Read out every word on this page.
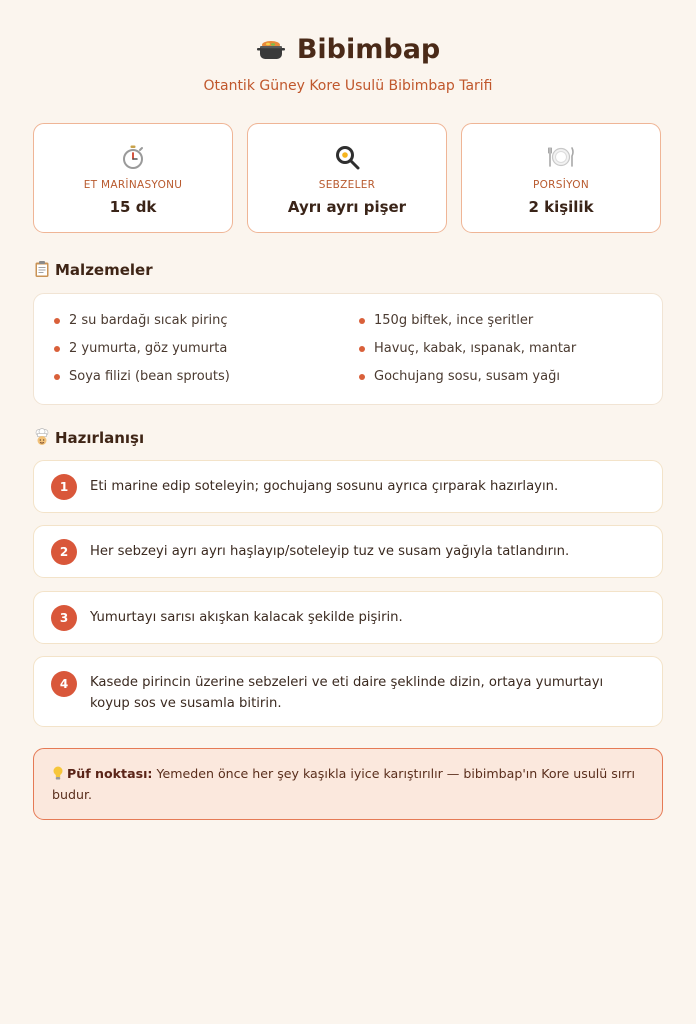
Bibimbap
Otantik Güney Kore Usulü Bibimbap Tarifi
ET MARİNASYONU
15 dk
SEBZELER
Ayrı ayrı pişer
PORSİYON
2 kişilik
Malzemeler
2 su bardağı sıcak pirinç
2 yumurta, göz yumurta
Soya filizi (bean sprouts)
150g biftek, ince şeritler
Havuç, kabak, ıspanak, mantar
Gochujang sosu, susam yağı
Hazırlanışı
1	Eti marine edip soteleyin; gochujang sosunu ayrıca çırparak hazırlayın.
2	Her sebzeyi ayrı ayrı haşlayıp/soteleyip tuz ve susam yağıyla tatlandırın.
3	Yumurtayı sarısı akışkan kalacak şekilde pişirin.
4	Kasede pirincin üzerine sebzeleri ve eti daire şeklinde dizin, ortaya yumurtayı koyup sos ve susamla bitirin.
Püf noktası: Yemeden önce her şey kaşıkla iyice karıştırılır — bibimbap'ın Kore usulü sırrı budur.
